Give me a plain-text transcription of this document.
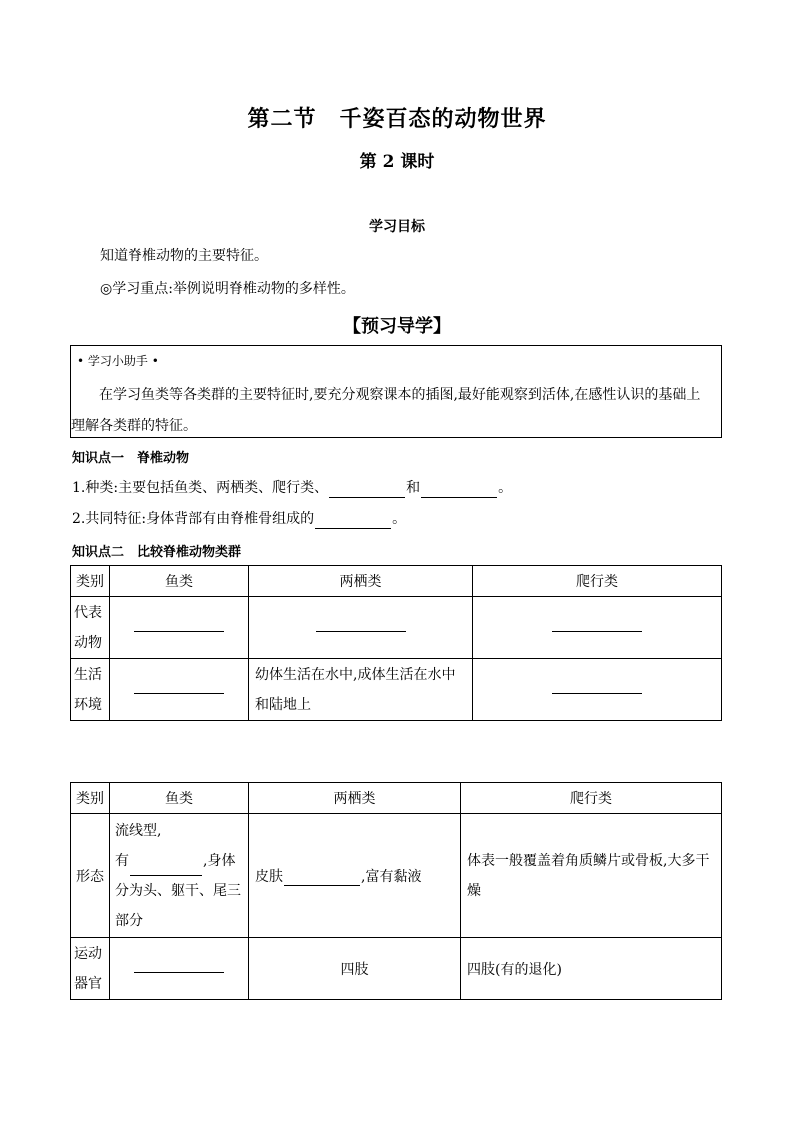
第二节　千姿百态的动物世界
第 2 课时
学习目标
知道脊椎动物的主要特征。
◎学习重点:举例说明脊椎动物的多样性。
【预习导学】
• 学习小助手 •
在学习鱼类等各类群的主要特征时,要充分观察课本的插图,最好能观察到活体,在感性认识的基础上
理解各类群的特征。
知识点一　脊椎动物
1.种类:主要包括鱼类、两栖类、爬行类、	和	。
2.共同特征:身体背部有由脊椎骨组成的	。
知识点二　比较脊椎动物类群
类别	鱼类	两栖类	爬行类
代表动物			
生活环境		幼体生活在水中,成体生活在水中和陆地上	
类别	鱼类	两栖类	爬行类
形态	流线型,
有 ,身体
分为头、躯干、尾三
部分	皮肤 ,富有黏液	体表一般覆盖着角质鳞片或骨板,大多干燥
运动器官		四肢	四肢(有的退化)
